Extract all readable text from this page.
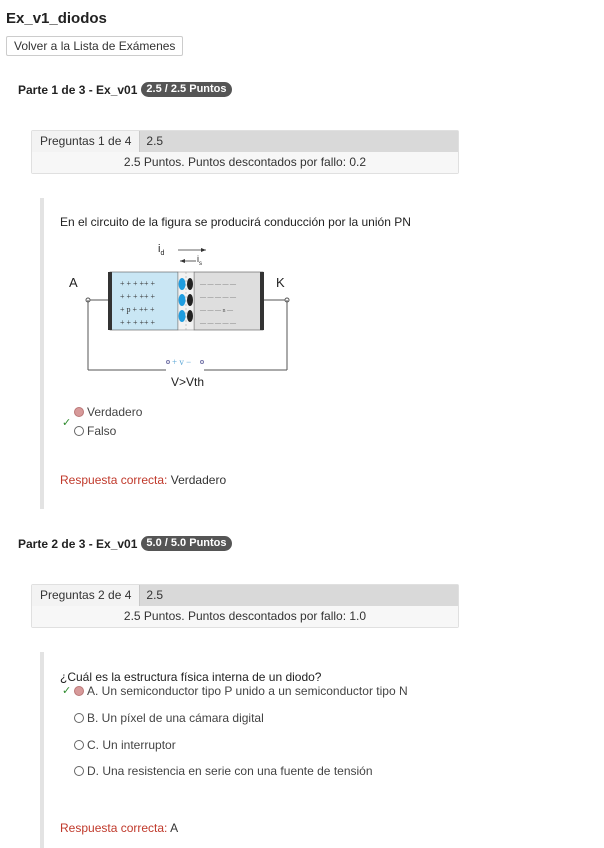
Ex_v1_diodos
Volver a la Lista de Exámenes
Parte 1 de 3 - Ex_v01 2.5 / 2.5 Puntos
Preguntas 1 de 4	2.5
2.5 Puntos. Puntos descontados por fallo: 0.2
En el circuito de la figura se producirá conducción por la unión PN
$i_d$
$i_s$
A	K
+ v −
+ + + ++ +
+ + + ++ +
+ p + ++ +
+ + + ++ +
— — — — —
— — — — —
— — — n —
— — — — —
V>Vth
Verdadero
✓
Falso
Respuesta correcta: Verdadero
Parte 2 de 3 - Ex_v01 5.0 / 5.0 Puntos
Preguntas 2 de 4	2.5
2.5 Puntos. Puntos descontados por fallo: 1.0
¿Cuál es la estructura física interna de un diodo?
✓ A. Un semiconductor tipo P unido a un semiconductor tipo N
B. Un píxel de una cámara digital
C. Un interruptor
D. Una resistencia en serie con una fuente de tensión
Respuesta correcta: A
